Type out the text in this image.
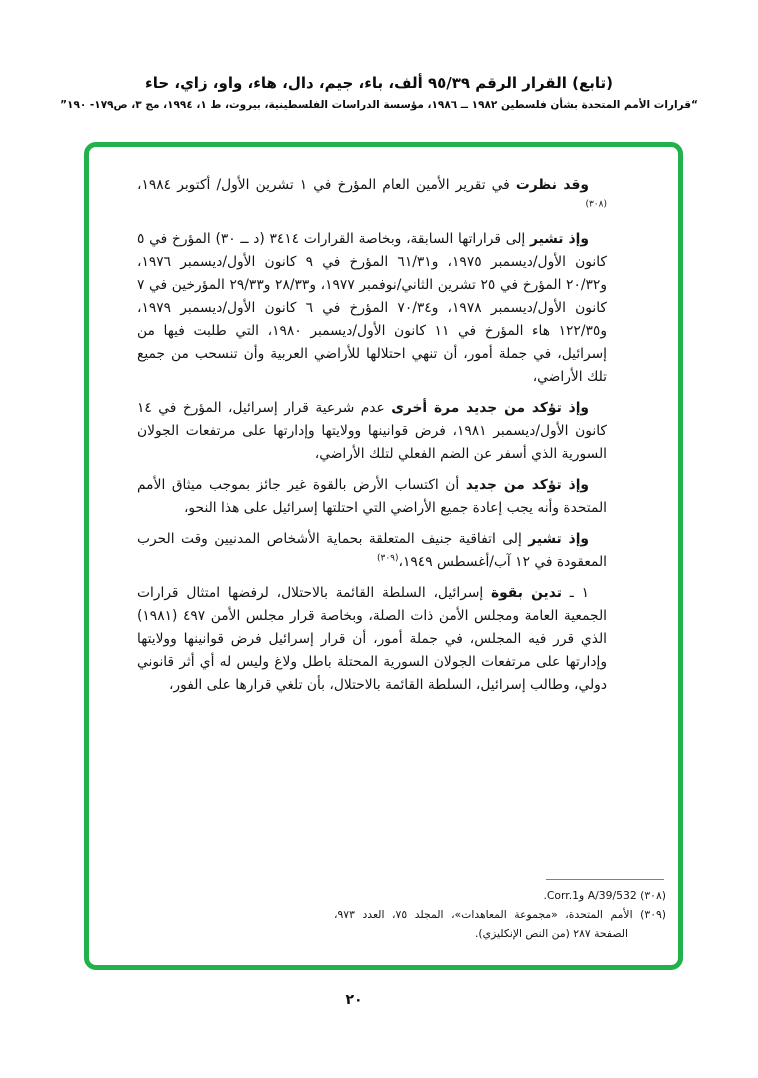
(تابع) القرار الرقم ٩٥/٣٩ ألف، باء، جيم، دال، هاء، واو، زاي، حاء

“قرارات الأمم المتحدة بشأن فلسطين ١٩٨٢ ــ ١٩٨٦، مؤسسة الدراسات الفلسطينية، بيروت، ط ١، ١٩٩٤، مج ٣، ص١٧٩- ١٩٠”

وقد نظرت في تقرير الأمين العام المؤرخ في ١ تشرين الأول/ أكتوبر ١٩٨٤،$^{(٣٠٨)}$

وإذ تشير إلى قراراتها السابقة، وبخاصة القرارات ٣٤١٤ (د ــ ٣٠) المؤرخ في ٥ كانون الأول/ديسمبر ١٩٧٥، و٦١/٣١ المؤرخ في ٩ كانون الأول/ديسمبر ١٩٧٦، و٢٠/٣٢ المؤرخ في ٢٥ تشرين الثاني/نوفمبر ١٩٧٧، و٢٨/٣٣ و٢٩/٣٣ المؤرخين في ٧ كانون الأول/ديسمبر ١٩٧٨، و٧٠/٣٤ المؤرخ في ٦ كانون الأول/ديسمبر ١٩٧٩، و١٢٢/٣٥ هاء المؤرخ في ١١ كانون الأول/ديسمبر ١٩٨٠، التي طلبت فيها من إسرائيل، في جملة أمور، أن تنهي احتلالها للأراضي العربية وأن تنسحب من جميع تلك الأراضي،

وإذ تؤكد من جديد مرة أخرى عدم شرعية قرار إسرائيل، المؤرخ في ١٤ كانون الأول/ديسمبر ١٩٨١، فرض قوانينها وولايتها وإدارتها على مرتفعات الجولان السورية الذي أسفر عن الضم الفعلي لتلك الأراضي،

وإذ تؤكد من جديد أن اكتساب الأرض بالقوة غير جائز بموجب ميثاق الأمم المتحدة وأنه يجب إعادة جميع الأراضي التي احتلتها إسرائيل على هذا النحو،

وإذ تشير إلى اتفاقية جنيف المتعلقة بحماية الأشخاص المدنيين وقت الحرب المعقودة في ١٢ آب/أغسطس ١٩٤٩،$^{(٣٠٩)}$

١ ـ تدين بقوة إسرائيل، السلطة القائمة بالاحتلال، لرفضها امتثال قرارات الجمعية العامة ومجلس الأمن ذات الصلة، وبخاصة قرار مجلس الأمن ٤٩٧ (١٩٨١) الذي قرر فيه المجلس، في جملة أمور، أن قرار إسرائيل فرض قوانينها وولايتها وإدارتها على مرتفعات الجولان السورية المحتلة باطل ولاغ وليس له أي أثر قانوني دولي، وطالب إسرائيل، السلطة القائمة بالاحتلال، بأن تلغي قرارها على الفور،

(٣٠٨) A/39/532 وCorr.1.

(٣٠٩) الأمم المتحدة، «مجموعة المعاهدات»، المجلد ٧٥، العدد ٩٧٣، الصفحة ٢٨٧ (من النص الإنكليزي).

٢٠
